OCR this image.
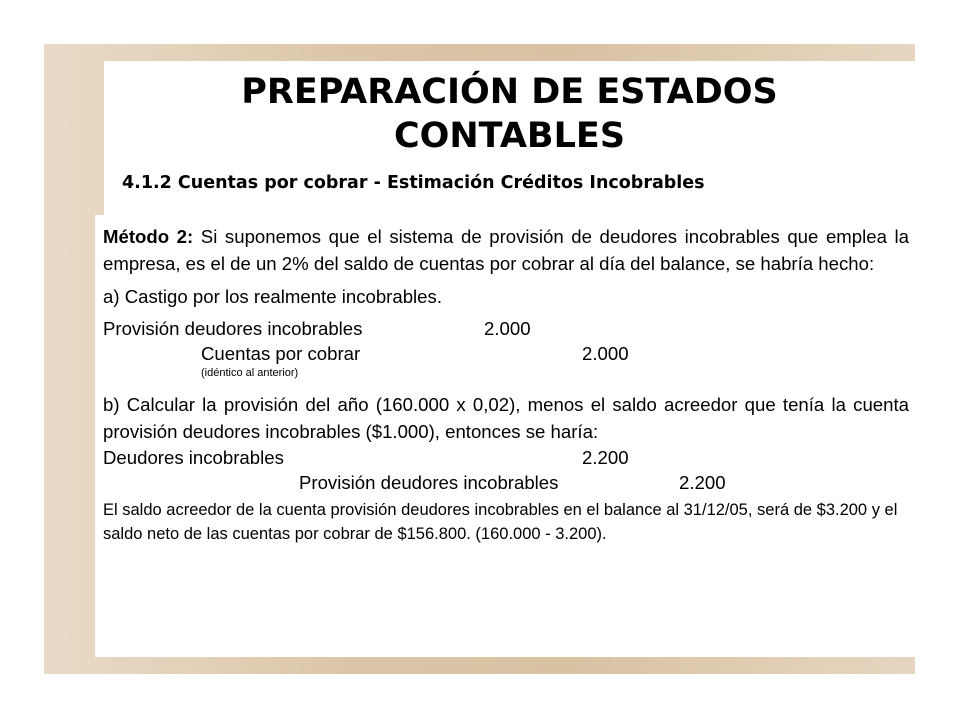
PREPARACIÓN DE ESTADOS
CONTABLES

4.1.2 Cuentas por cobrar - Estimación Créditos Incobrables

Método 2: Si suponemos que el sistema de provisión de deudores incobrables que emplea la empresa, es el de un 2% del saldo de cuentas por cobrar al día del balance, se habría hecho:

a) Castigo por los realmente incobrables.

Provisión deudores incobrables	2.000
Cuentas por cobrar	2.000
(idéntico al anterior)

b) Calcular la provisión del año (160.000 x 0,02), menos el saldo acreedor que tenía la cuenta provisión deudores incobrables ($1.000), entonces se haría:

Deudores incobrables	2.200
Provisión deudores incobrables	2.200

El saldo acreedor de la cuenta provisión deudores incobrables en el balance al 31/12/05, será de $3.200 y el saldo neto de las cuentas por cobrar de $156.800. (160.000 - 3.200).
